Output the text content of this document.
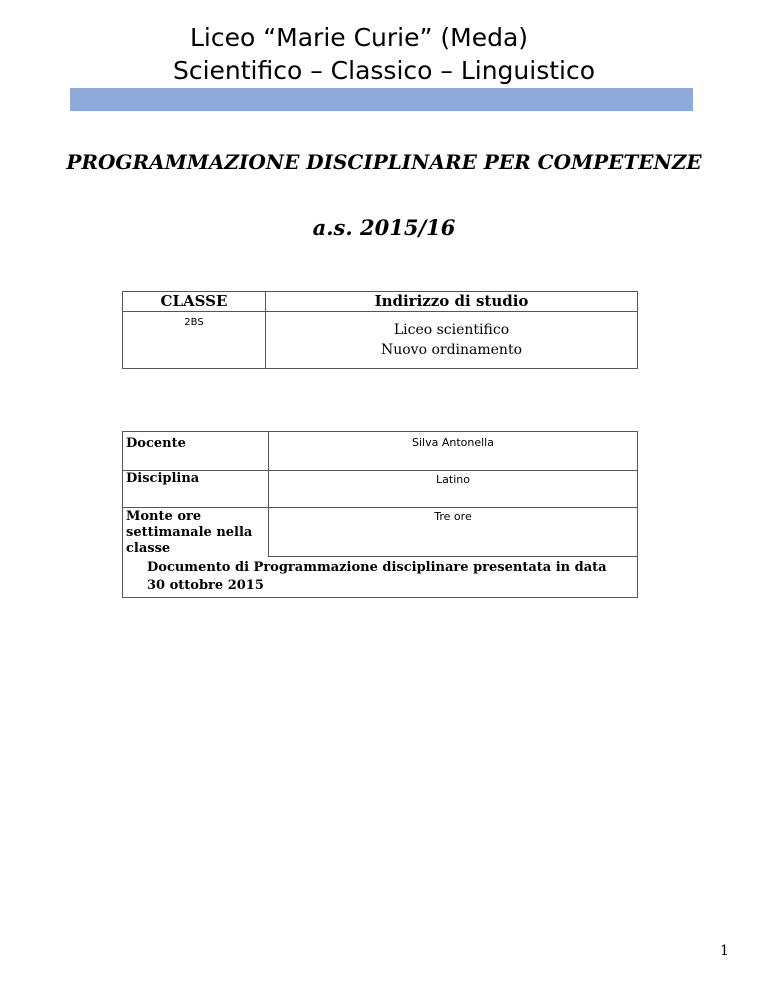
Liceo “Marie Curie” (Meda)
Scientifico – Classico – Linguistico
PROGRAMMAZIONE DISCIPLINARE PER COMPETENZE
a.s. 2015/16
CLASSE	Indirizzo di studio
2BS	Liceo scientifico
Nuovo ordinamento
Docente	Silva Antonella
Disciplina	Latino
Monte ore settimanale nella classe	Tre ore
Documento di Programmazione disciplinare presentata in data 30 ottobre 2015	
1
